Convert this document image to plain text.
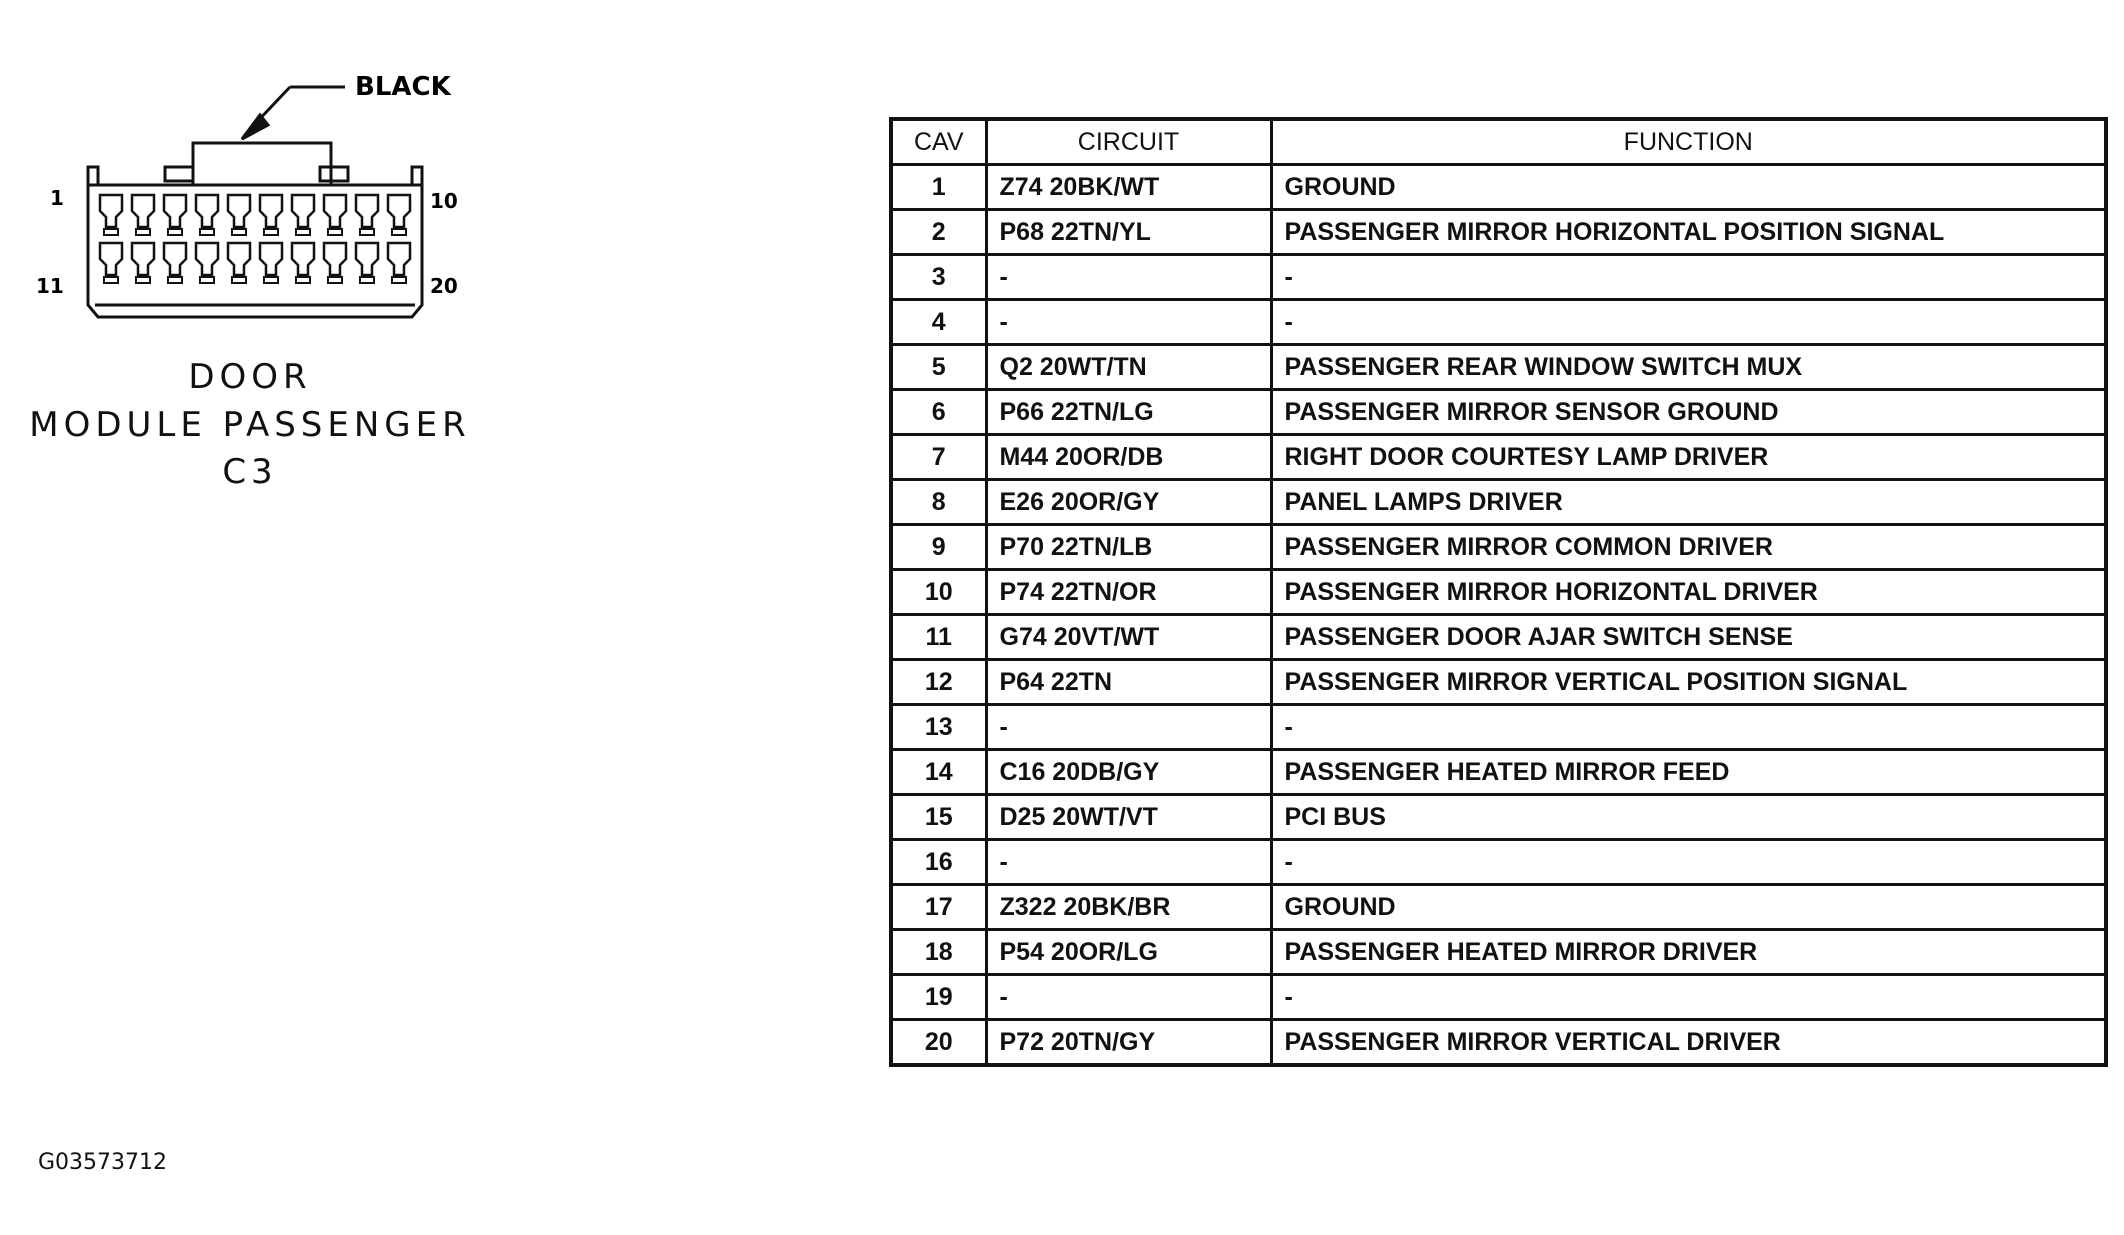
BLACK
1	10
11	20
DOOR
MODULE PASSENGER
C3
G03573712
CAV	CIRCUIT	FUNCTION
1	Z74 20BK/WT	GROUND
2	P68 22TN/YL	PASSENGER MIRROR HORIZONTAL POSITION SIGNAL
3	-	-
4	-	-
5	Q2 20WT/TN	PASSENGER REAR WINDOW SWITCH MUX
6	P66 22TN/LG	PASSENGER MIRROR SENSOR GROUND
7	M44 20OR/DB	RIGHT DOOR COURTESY LAMP DRIVER
8	E26 20OR/GY	PANEL LAMPS DRIVER
9	P70 22TN/LB	PASSENGER MIRROR COMMON DRIVER
10	P74 22TN/OR	PASSENGER MIRROR HORIZONTAL DRIVER
11	G74 20VT/WT	PASSENGER DOOR AJAR SWITCH SENSE
12	P64 22TN	PASSENGER MIRROR VERTICAL POSITION SIGNAL
13	-	-
14	C16 20DB/GY	PASSENGER HEATED MIRROR FEED
15	D25 20WT/VT	PCI BUS
16	-	-
17	Z322 20BK/BR	GROUND
18	P54 20OR/LG	PASSENGER HEATED MIRROR DRIVER
19	-	-
20	P72 20TN/GY	PASSENGER MIRROR VERTICAL DRIVER
